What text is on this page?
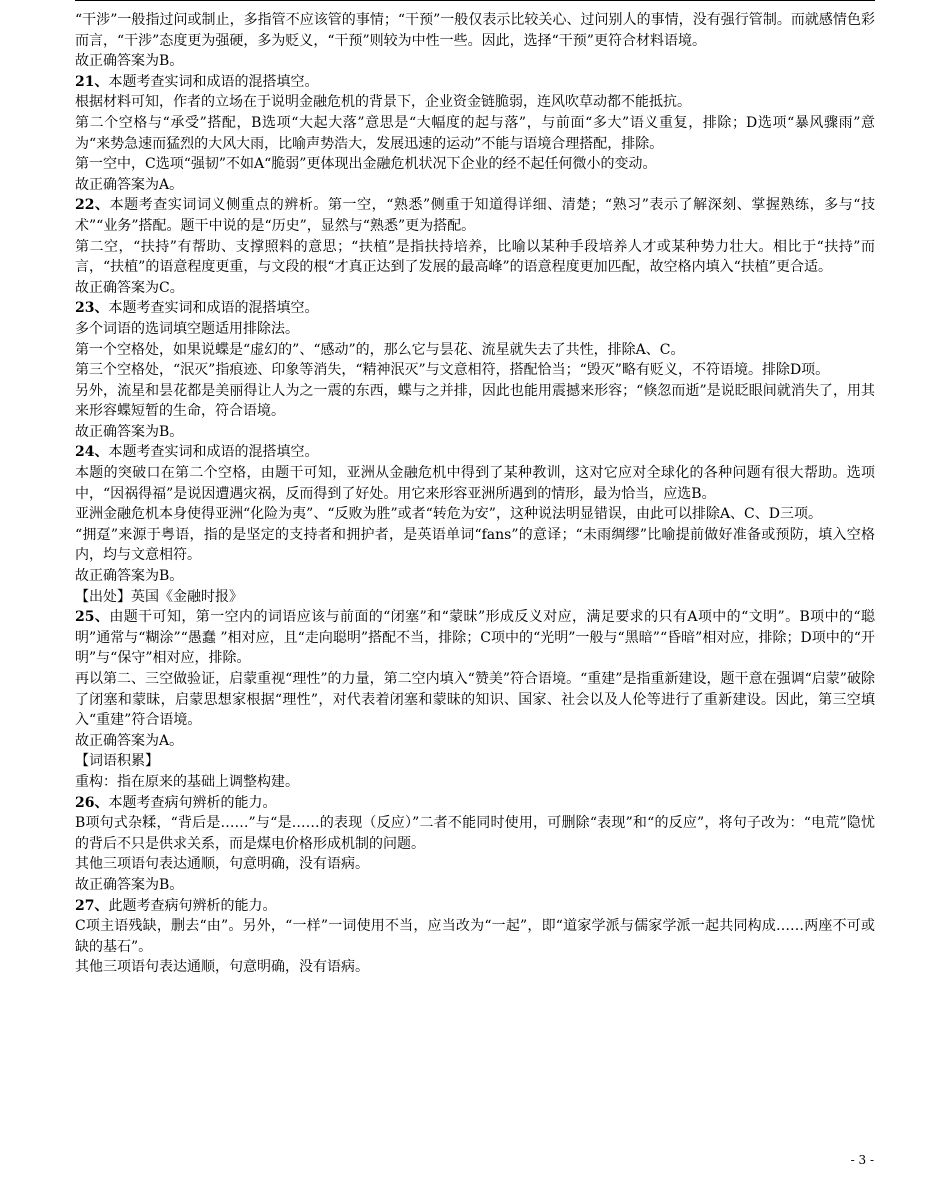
“干涉”一般指过问或制止，多指管不应该管的事情；“干预”一般仅表示比较关心、过问别人的事情，没有强行管制。而就感情色彩而言，“干涉”态度更为强硬，多为贬义，“干预”则较为中性一些。因此，选择“干预”更符合材料语境。

故正确答案为B。

21、本题考查实词和成语的混搭填空。

根据材料可知，作者的立场在于说明金融危机的背景下，企业资金链脆弱，连风吹草动都不能抵抗。

第二个空格与“承受”搭配，B选项“大起大落”意思是“大幅度的起与落”，与前面“多大”语义重复，排除；D选项“暴风骤雨”意为“来势急速而猛烈的大风大雨，比喻声势浩大，发展迅速的运动”不能与语境合理搭配，排除。

第一空中，C选项“强韧”不如A“脆弱”更体现出金融危机状况下企业的经不起任何微小的变动。

故正确答案为A。

22、本题考查实词词义侧重点的辨析。第一空，“熟悉”侧重于知道得详细、清楚；“熟习”表示了解深刻、掌握熟练，多与“技术”“业务”搭配。题干中说的是“历史”，显然与“熟悉”更为搭配。

第二空，“扶持”有帮助、支撑照料的意思；“扶植”是指扶持培养，比喻以某种手段培养人才或某种势力壮大。相比于“扶持”而言，“扶植”的语意程度更重，与文段的根“才真正达到了发展的最高峰”的语意程度更加匹配，故空格内填入“扶植”更合适。

故正确答案为C。

23、本题考查实词和成语的混搭填空。

多个词语的选词填空题适用排除法。

第一个空格处，如果说蝶是“虚幻的”、“感动”的，那么它与昙花、流星就失去了共性，排除A、C。

第三个空格处，“泯灭”指痕迹、印象等消失，“精神泯灭”与文意相符，搭配恰当；“毁灭”略有贬义，不符语境。排除D项。

另外，流星和昙花都是美丽得让人为之一震的东西，蝶与之并排，因此也能用震撼来形容；“倏忽而逝”是说眨眼间就消失了，用其来形容蝶短暂的生命，符合语境。

故正确答案为B。

24、本题考查实词和成语的混搭填空。

本题的突破口在第二个空格，由题干可知，亚洲从金融危机中得到了某种教训，这对它应对全球化的各种问题有很大帮助。选项中，“因祸得福”是说因遭遇灾祸，反而得到了好处。用它来形容亚洲所遇到的情形，最为恰当，应选B。

亚洲金融危机本身使得亚洲“化险为夷”、“反败为胜”或者“转危为安”，这种说法明显错误，由此可以排除A、C、D三项。

“拥趸”来源于粤语，指的是坚定的支持者和拥护者，是英语单词“fans”的意译；“未雨绸缪”比喻提前做好准备或预防，填入空格内，均与文意相符。

故正确答案为B。

【出处】英国《金融时报》

25、由题干可知，第一空内的词语应该与前面的“闭塞”和“蒙昧”形成反义对应，满足要求的只有A项中的“文明”。B项中的“聪明”通常与“糊涂”“愚蠢 ”相对应，且“走向聪明”搭配不当，排除；C项中的“光明”一般与“黑暗”“昏暗”相对应，排除；D项中的“开明”与“保守”相对应，排除。

再以第二、三空做验证，启蒙重视“理性”的力量，第二空内填入“赞美”符合语境。“重建”是指重新建设，题干意在强调“启蒙”破除了闭塞和蒙昧，启蒙思想家根据“理性”，对代表着闭塞和蒙昧的知识、国家、社会以及人伦等进行了重新建设。因此，第三空填入“重建”符合语境。

故正确答案为A。

【词语积累】

重构：指在原来的基础上调整构建。

26、本题考查病句辨析的能力。

B项句式杂糅，“背后是……”与“是……的表现（反应）”二者不能同时使用，可删除“表现”和“的反应”，将句子改为：“电荒”隐忧的背后不只是供求关系，而是煤电价格形成机制的问题。

其他三项语句表达通顺，句意明确，没有语病。

故正确答案为B。

27、此题考查病句辨析的能力。

C项主语残缺，删去“由”。另外，“一样”一词使用不当，应当改为“一起”，即“道家学派与儒家学派一起共同构成……两座不可或缺的基石”。

其他三项语句表达通顺，句意明确，没有语病。

- 3 -
